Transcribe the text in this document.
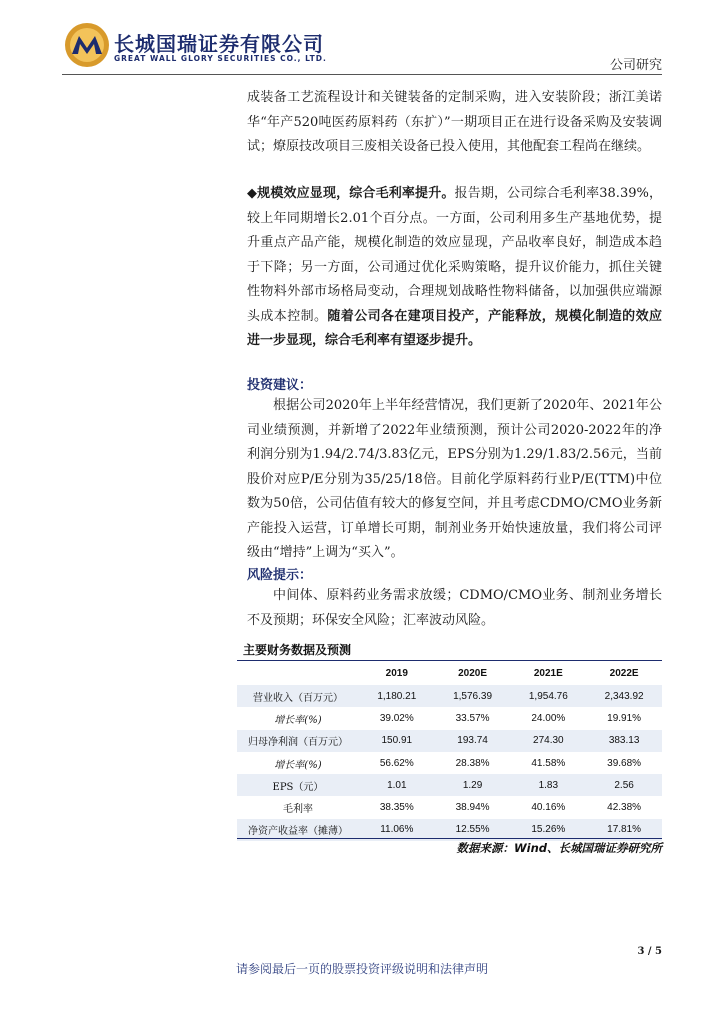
长城国瑞证券有限公司
GREAT WALL GLORY SECURITIES CO., LTD.	公司研究
成装备工艺流程设计和关键装备的定制采购，进入安装阶段；浙江美诺华“年产520吨医药原料药（东扩）”一期项目正在进行设备采购及安装调试；燎原技改项目三废相关设备已投入使用，其他配套工程尚在继续。
◆规模效应显现，综合毛利率提升。报告期，公司综合毛利率38.39%，较上年同期增长2.01个百分点。一方面，公司利用多生产基地优势，提升重点产品产能，规模化制造的效应显现，产品收率良好，制造成本趋于下降；另一方面，公司通过优化采购策略，提升议价能力，抓住关键性物料外部市场格局变动，合理规划战略性物料储备，以加强供应端源头成本控制。随着公司各在建项目投产，产能释放，规模化制造的效应进一步显现，综合毛利率有望逐步提升。
投资建议：
根据公司2020年上半年经营情况，我们更新了2020年、2021年公司业绩预测，并新增了2022年业绩预测，预计公司2020-2022年的净利润分别为1.94/2.74/3.83亿元，EPS分别为1.29/1.83/2.56元，当前股价对应P/E分别为35/25/18倍。目前化学原料药行业P/E(TTM)中位数为50倍，公司估值有较大的修复空间，并且考虑CDMO/CMO业务新产能投入运营，订单增长可期，制剂业务开始快速放量，我们将公司评级由“增持”上调为“买入”。
风险提示：
中间体、原料药业务需求放缓；CDMO/CMO业务、制剂业务增长不及预期；环保安全风险；汇率波动风险。
主要财务数据及预测
	2019	2020E	2021E	2022E
营业收入（百万元）	1,180.21	1,576.39	1,954.76	2,343.92
增长率(%)	39.02%	33.57%	24.00%	19.91%
归母净利润（百万元）	150.91	193.74	274.30	383.13
增长率(%)	56.62%	28.38%	41.58%	39.68%
EPS（元）	1.01	1.29	1.83	2.56
毛利率	38.35%	38.94%	40.16%	42.38%
净资产收益率（摊薄）	11.06%	12.55%	15.26%	17.81%
数据来源：Wind、长城国瑞证券研究所
3 / 5
请参阅最后一页的股票投资评级说明和法律声明
